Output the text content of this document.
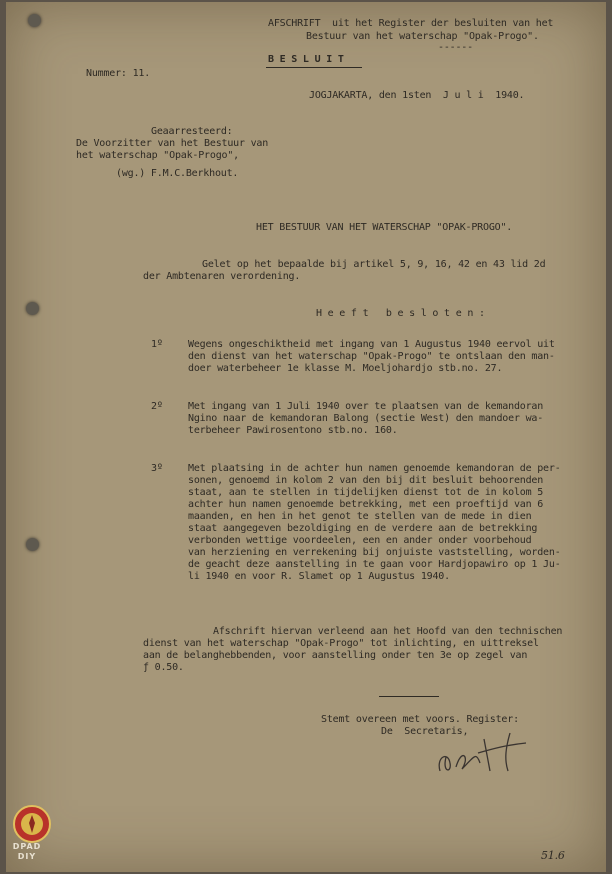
AFSCHRIFT  uit het Register der besluiten van het
Bestuur van het waterschap "Opak-Progo".
------
B E S L U I T
Nummer: 11.
JOGJAKARTA, den 1sten  J u l i  1940.
Geaarresteerd:
De Voorzitter van het Bestuur van
het waterschap "Opak-Progo",
(wg.) F.M.C.Berkhout.
HET BESTUUR VAN HET WATERSCHAP "OPAK-PROGO".
Gelet op het bepaalde bij artikel 5, 9, 16, 42 en 43 lid 2d
der Ambtenaren verordening.
H e e f t   b e s l o t e n :
1º	Wegens ongeschiktheid met ingang van 1 Augustus 1940 eervol uit
den dienst van het waterschap "Opak-Progo" te ontslaan den man-
doer waterbeheer 1e klasse M. Moeljohardjo stb.no. 27.
2º	Met ingang van 1 Juli 1940 over te plaatsen van de kemandoran
Ngino naar de kemandoran Balong (sectie West) den mandoer wa-
terbeheer Pawirosentono stb.no. 160.
3º	Met plaatsing in de achter hun namen genoemde kemandoran de per-
sonen, genoemd in kolom 2 van den bij dit besluit behoorenden
staat, aan te stellen in tijdelijken dienst tot de in kolom 5
achter hun namen genoemde betrekking, met een proeftijd van 6
maanden, en hen in het genot te stellen van de mede in dien
staat aangegeven bezoldiging en de verdere aan de betrekking
verbonden wettige voordeelen, een en ander onder voorbehoud
van herziening en verrekening bij onjuiste vaststelling, worden-
de geacht deze aanstelling in te gaan voor Hardjopawiro op 1 Ju-
li 1940 en voor R. Slamet op 1 Augustus 1940.
Afschrift hiervan verleend aan het Hoofd van den technischen
dienst van het waterschap "Opak-Progo" tot inlichting, en uittreksel
aan de belanghebbenden, voor aanstelling onder ten 3e op zegel van
ƒ 0.50.
Stemt overeen met voors. Register:
De  Secretaris,
51.6
DPAD
DIY
